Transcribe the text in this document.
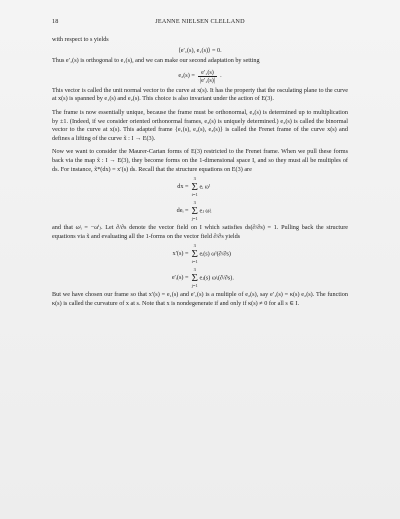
18	JEANNE NIELSEN CLELLAND

with respect to s yields

⟨e′₁(s), e₁(s)⟩ = 0.

Thus e′₁(s) is orthogonal to e₁(s), and we can make our second adaptation by setting

$e_2(s) = \frac{\text{e′₁(s)}}{\text{|e′₁(s)|}}$ .

This vector is called the unit normal vector to the curve at x(s). It has the property that the osculating plane to the curve at x(s) is spanned by e₁(s) and e₂(s). This choice is also invariant under the action of E(3).

The frame is now essentially unique, because the frame must be orthonormal, e₃(s) is determined up to multiplication by ±1. (Indeed, if we consider oriented orthonormal frames, e₃(s) is uniquely determined.) e₃(s) is called the binormal vector to the curve at x(s). This adapted frame {e₁(s), e₂(s), e₃(s)} is called the Frenet frame of the curve x(s) and defines a lifting of the curve x̃ : I → E(3).

Now we want to consider the Maurer-Cartan forms of E(3) restricted to the Frenet frame. When we pull these forms back via the map x̃ : I → E(3), they become forms on the 1-dimensional space I, and so they must all be multiples of ds. For instance, x̃*(dx) = x′(s) ds. Recall that the structure equations on E(3) are

dx =
3
Σ
i=1
eᵢ ωⁱ
deᵢ =
3
Σ
j=1
eⱼ ωʲᵢ

and that ωʲᵢ = −ωⁱⱼ. Let ∂/∂s denote the vector field on I which satisfies ds(∂/∂s) = 1. Pulling back the structure equations via x̃ and evaluating all the 1-forms on the vector field ∂/∂s yields

x′(s) =
3
Σ
i=1
eᵢ(s) ωⁱ(∂/∂s)
e′ᵢ(s) =
3
Σ
j=1
eⱼ(s) ωʲᵢ(∂/∂s).

But we have chosen our frame so that x′(s) = e₁(s) and e′₁(s) is a multiple of e₂(s), say e′₁(s) = κ(s) e₂(s). The function κ(s) is called the curvature of x at s. Note that x is nondegenerate if and only if κ(s) ≠ 0 for all s ∈ I.
